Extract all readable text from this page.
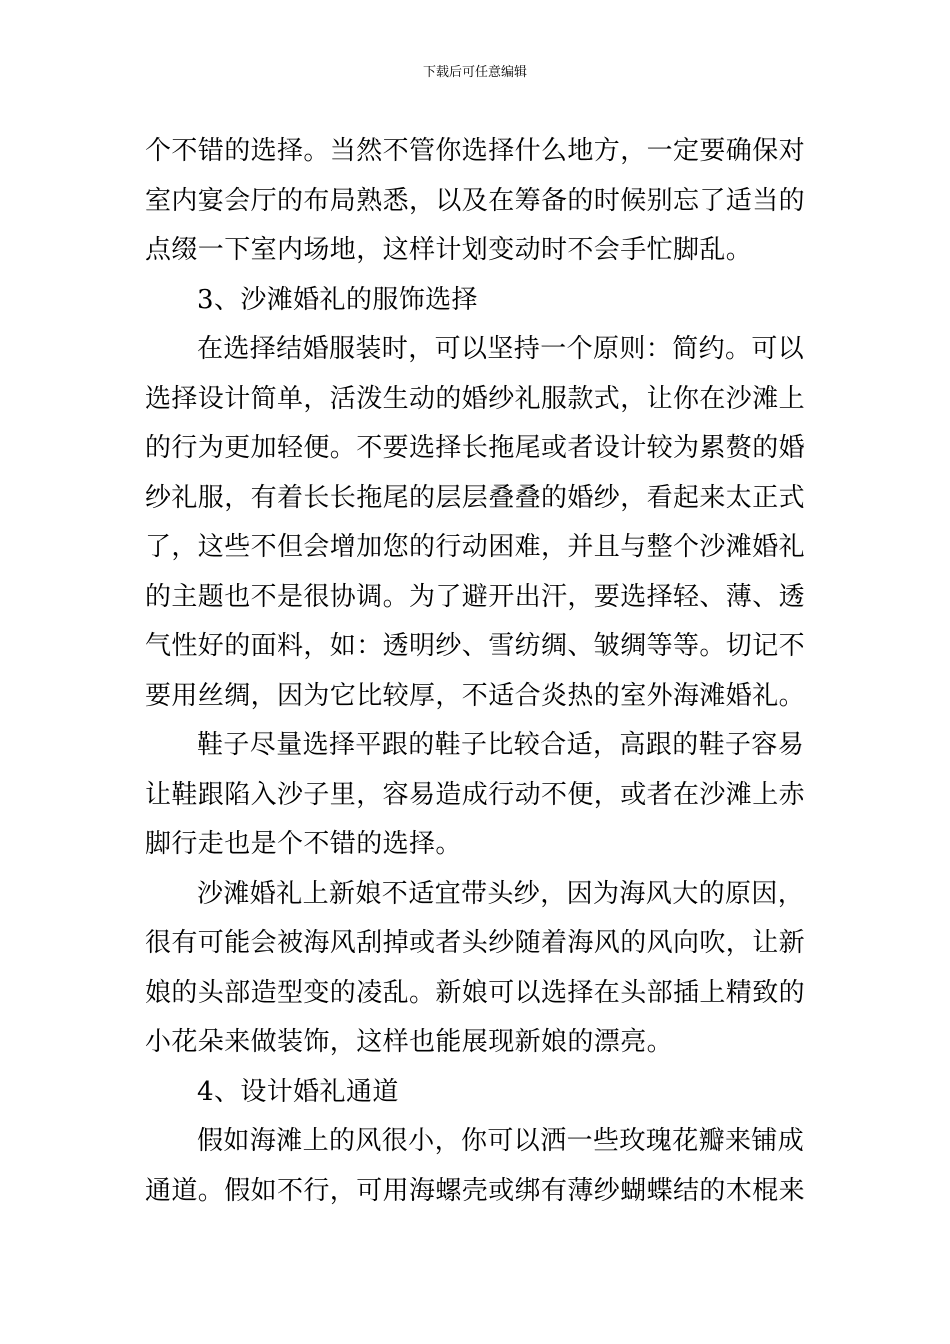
下载后可任意编辑
个不错的选择。当然不管你选择什么地方，一定要确保对
室内宴会厅的布局熟悉，以及在筹备的时候别忘了适当的
点缀一下室内场地，这样计划变动时不会手忙脚乱。
3、沙滩婚礼的服饰选择
在选择结婚服装时，可以坚持一个原则：简约。可以
选择设计简单，活泼生动的婚纱礼服款式，让你在沙滩上
的行为更加轻便。不要选择长拖尾或者设计较为累赘的婚
纱礼服，有着长长拖尾的层层叠叠的婚纱，看起来太正式
了，这些不但会增加您的行动困难，并且与整个沙滩婚礼
的主题也不是很协调。为了避开出汗，要选择轻、薄、透
气性好的面料，如：透明纱、雪纺绸、皱绸等等。切记不
要用丝绸，因为它比较厚，不适合炎热的室外海滩婚礼。
鞋子尽量选择平跟的鞋子比较合适，高跟的鞋子容易
让鞋跟陷入沙子里，容易造成行动不便，或者在沙滩上赤
脚行走也是个不错的选择。
沙滩婚礼上新娘不适宜带头纱，因为海风大的原因，
很有可能会被海风刮掉或者头纱随着海风的风向吹，让新
娘的头部造型变的凌乱。新娘可以选择在头部插上精致的
小花朵来做装饰，这样也能展现新娘的漂亮。
4、设计婚礼通道
假如海滩上的风很小，你可以洒一些玫瑰花瓣来铺成
通道。假如不行，可用海螺壳或绑有薄纱蝴蝶结的木棍来
